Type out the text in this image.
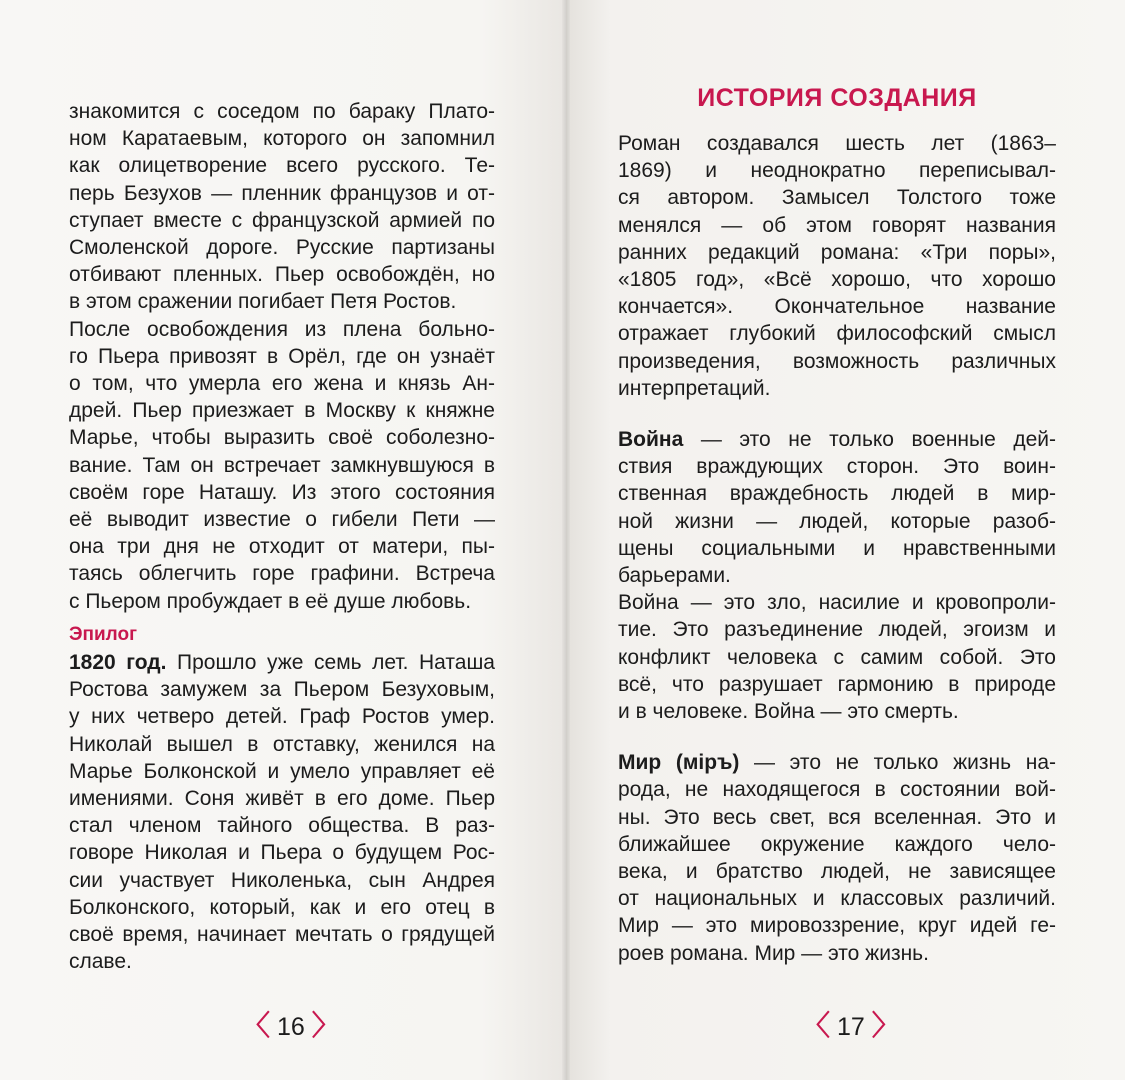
знакомится с соседом по бараку Плато-
ном Каратаевым, которого он запомнил
как олицетворение всего русского. Те-
перь Безухов — пленник французов и от-
ступает вместе с французской армией по
Смоленской дороге. Русские партизаны
отбивают пленных. Пьер освобождён, но
в этом сражении погибает Петя Ростов.
После освобождения из плена больно-
го Пьера привозят в Орёл, где он узнаёт
о том, что умерла его жена и князь Ан-
дрей. Пьер приезжает в Москву к княжне
Марье, чтобы выразить своё соболезно-
вание. Там он встречает замкнувшуюся в
своём горе Наташу. Из этого состояния
её выводит известие о гибели Пети —
она три дня не отходит от матери, пы-
таясь облегчить горе графини. Встреча
с Пьером пробуждает в её душе любовь.
Эпилог
1820 год. Прошло уже семь лет. Наташа
Ростова замужем за Пьером Безуховым,
у них четверо детей. Граф Ростов умер.
Николай вышел в отставку, женился на
Марье Болконской и умело управляет её
имениями. Соня живёт в его доме. Пьер
стал членом тайного общества. В раз-
говоре Николая и Пьера о будущем Рос-
сии участвует Николенька, сын Андрея
Болконского, который, как и его отец в
своё время, начинает мечтать о грядущей
славе.
〈 16 〉
ИСТОРИЯ СОЗДАНИЯ
Роман создавался шесть лет (1863–
1869) и неоднократно переписывал-
ся автором. Замысел Толстого тоже
менялся — об этом говорят названия
ранних редакций романа: «Три поры»,
«1805 год», «Всё хорошо, что хорошо
кончается». Окончательное название
отражает глубокий философский смысл
произведения, возможность различных
интерпретаций.
Война — это не только военные дей-
ствия враждующих сторон. Это воин-
ственная враждебность людей в мир-
ной жизни — людей, которые разоб-
щены социальными и нравственными
барьерами.
Война — это зло, насилие и кровопроли-
тие. Это разъединение людей, эгоизм и
конфликт человека с самим собой. Это
всё, что разрушает гармонию в природе
и в человеке. Война — это смерть.
Мир (міръ) — это не только жизнь на-
рода, не находящегося в состоянии вой-
ны. Это весь свет, вся вселенная. Это и
ближайшее окружение каждого чело-
века, и братство людей, не зависящее
от национальных и классовых различий.
Мир — это мировоззрение, круг идей ге-
роев романа. Мир — это жизнь.
〈 17 〉
